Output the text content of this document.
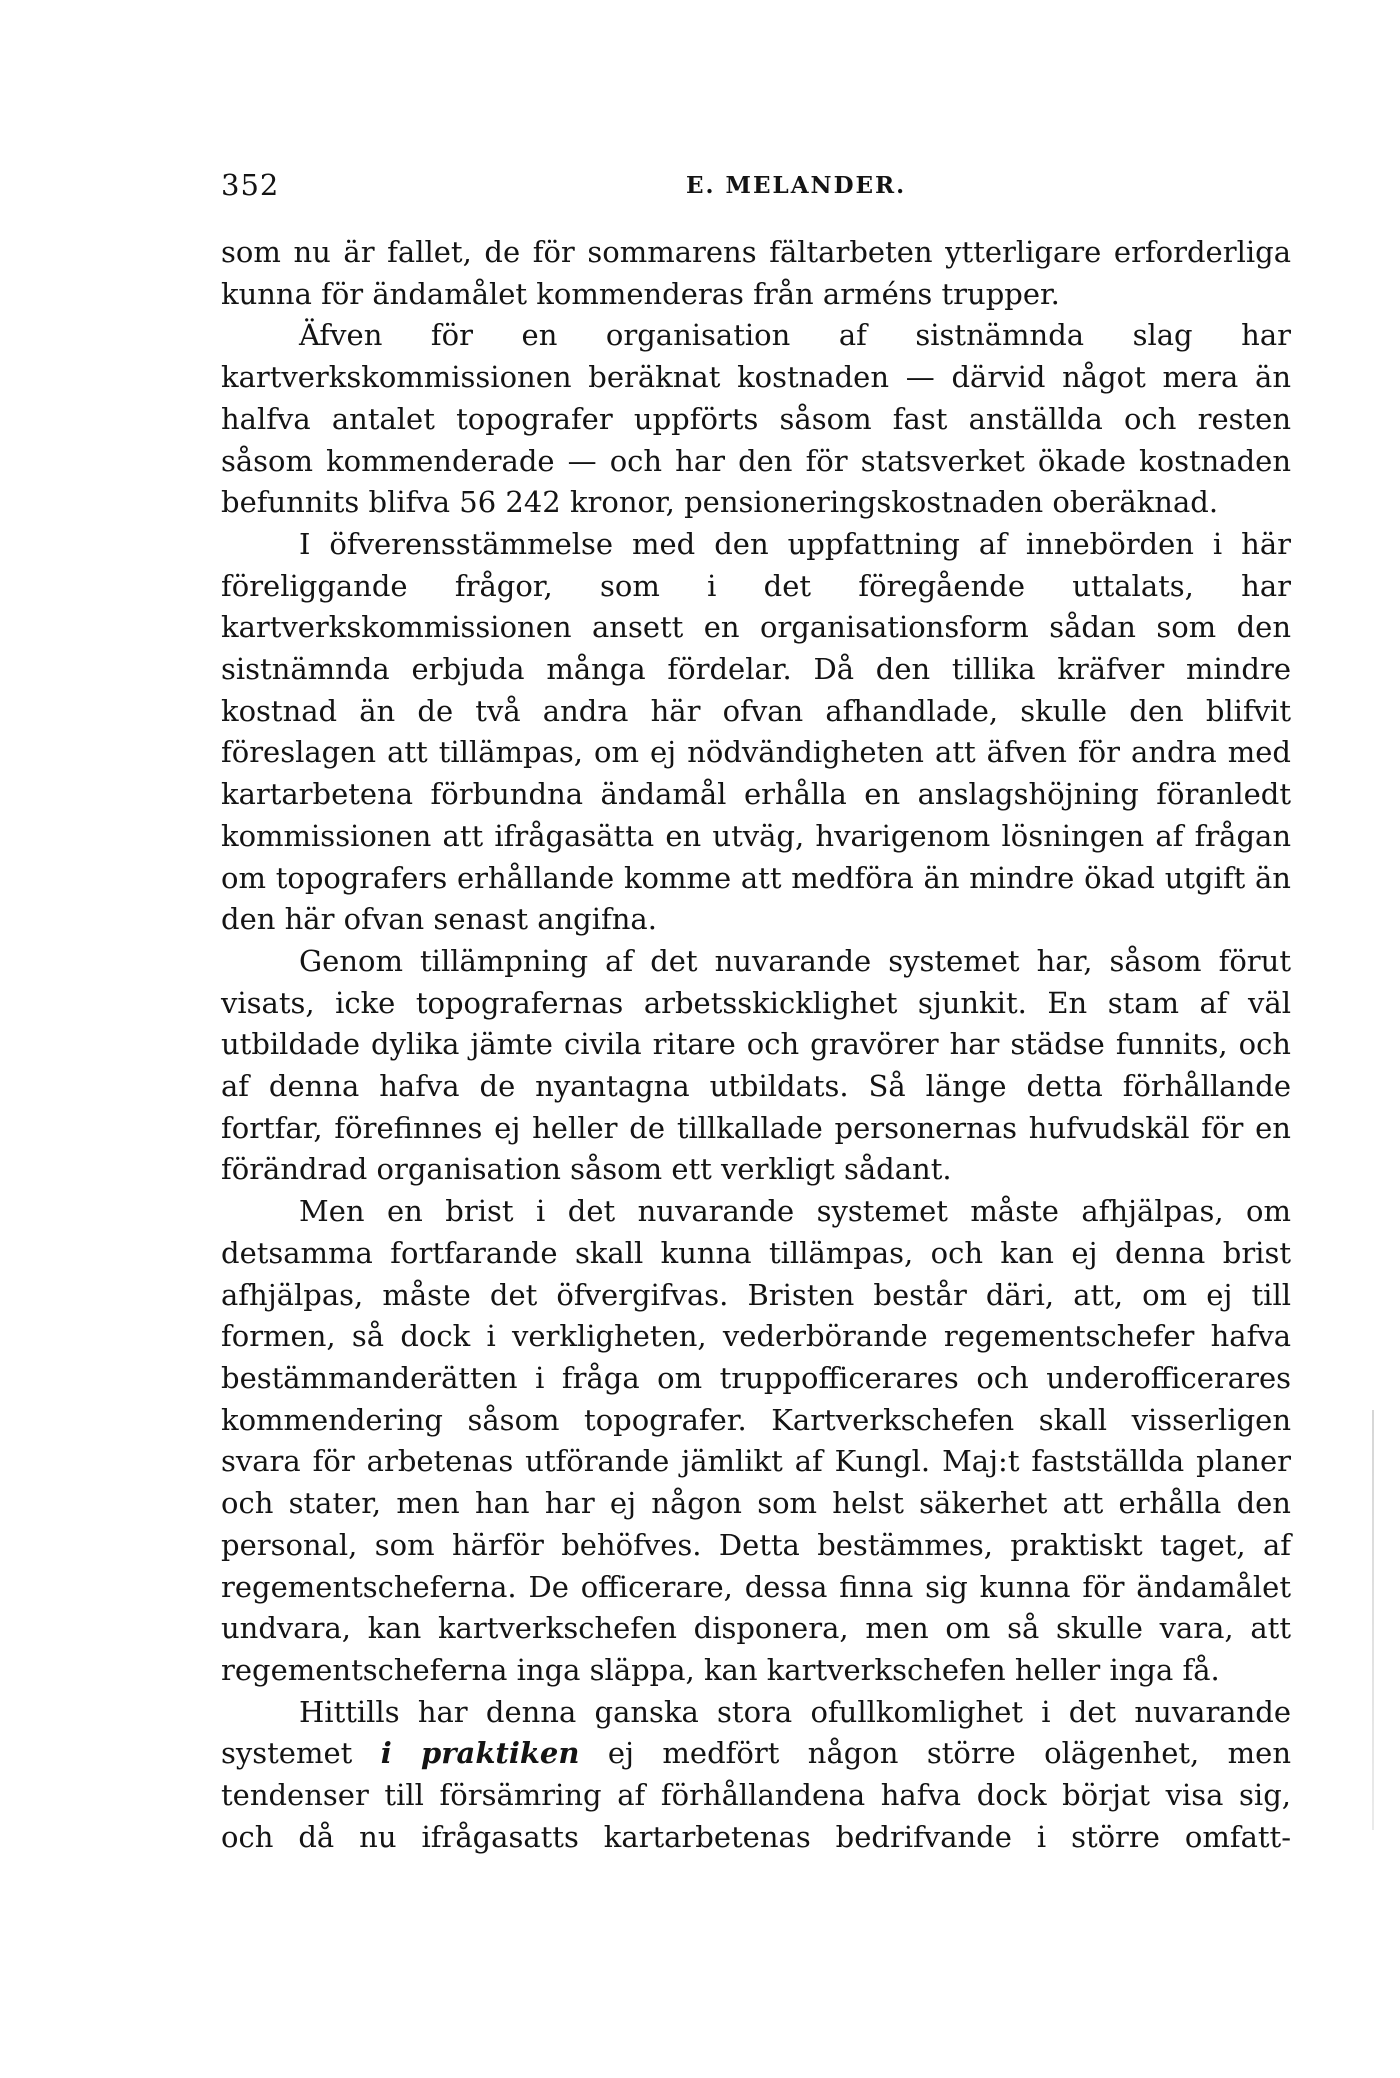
352	E. MELANDER.

som nu är fallet, de för sommarens fältarbeten ytterligare erforderliga kunna för ändamålet kommenderas från arméns trupper.

Äfven för en organisation af sistnämnda slag har kartverkskommissionen beräknat kostnaden — därvid något mera än halfva antalet topografer uppförts såsom fast anställda och resten såsom kommenderade — och har den för statsverket ökade kostnaden befunnits blifva 56 242 kronor, pensioneringskostnaden oberäknad.

I öfverensstämmelse med den uppfattning af innebörden i här föreliggande frågor, som i det föregående uttalats, har kartverkskommissionen ansett en organisationsform sådan som den sistnämnda erbjuda många fördelar. Då den tillika kräfver mindre kostnad än de två andra här ofvan afhandlade, skulle den blifvit föreslagen att tillämpas, om ej nödvändigheten att äfven för andra med kartarbetena förbundna ändamål erhålla en anslagshöjning föranledt kommissionen att ifrågasätta en utväg, hvarigenom lösningen af frågan om topografers erhållande komme att medföra än mindre ökad utgift än den här ofvan senast angifna.

Genom tillämpning af det nuvarande systemet har, såsom förut visats, icke topografernas arbetsskicklighet sjunkit. En stam af väl utbildade dylika jämte civila ritare och gravörer har städse funnits, och af denna hafva de nyantagna utbildats. Så länge detta förhållande fortfar, förefinnes ej heller de tillkallade personernas hufvudskäl för en förändrad organisation såsom ett verkligt sådant.

Men en brist i det nuvarande systemet måste afhjälpas, om detsamma fortfarande skall kunna tillämpas, och kan ej denna brist afhjälpas, måste det öfvergifvas. Bristen består däri, att, om ej till formen, så dock i verkligheten, vederbörande regementschefer hafva bestämmanderätten i fråga om truppofficerares och underofficerares kommendering såsom topografer. Kartverkschefen skall visserligen svara för arbetenas utförande jämlikt af Kungl. Maj:t fastställda planer och stater, men han har ej någon som helst säkerhet att erhålla den personal, som härför behöfves. Detta bestämmes, praktiskt taget, af regementscheferna. De officerare, dessa finna sig kunna för ändamålet undvara, kan kartverkschefen disponera, men om så skulle vara, att regementscheferna inga släppa, kan kartverkschefen heller inga få.

Hittills har denna ganska stora ofullkomlighet i det nuvarande systemet i praktiken ej medfört någon större olägenhet, men tendenser till försämring af förhållandena hafva dock börjat visa sig, och då nu ifrågasatts kartarbetenas bedrifvande i större omfatt-
